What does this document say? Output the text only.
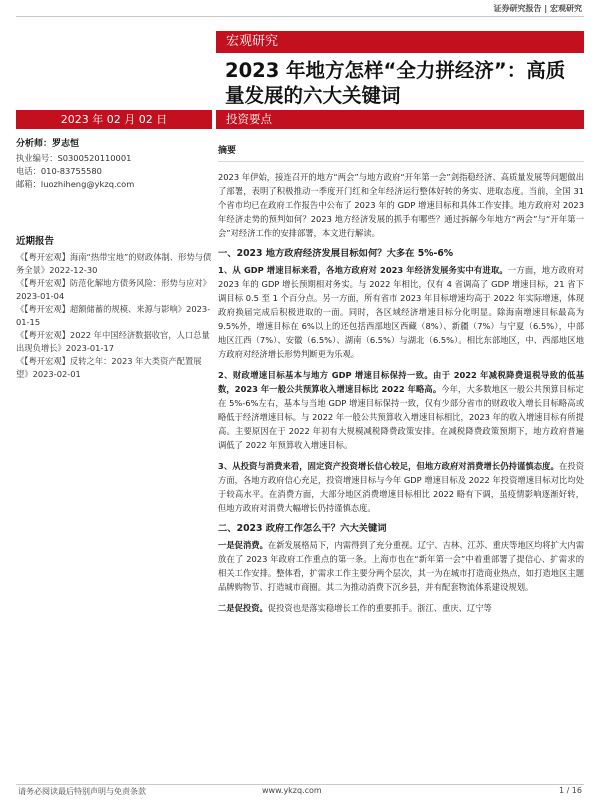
证券研究报告 | 宏观研究
宏观研究
2023 年地方怎样“全力拼经济”：高质
量发展的六大关键词
2023 年 02 月 02 日	投资要点
分析师：罗志恒
执业编号：S0300520110001
电话：010-83755580
邮箱：luozhiheng@ykzq.com
近期报告
《【粤开宏观】海南“热带宝地”的财政体制、形势与债务全景》2022-12-30
《【粤开宏观】防范化解地方债务风险：形势与应对》2023-01-04
《【粤开宏观】超额储蓄的规模、来源与影响》2023-01-15
《【粤开宏观】2022 年中国经济数据收官，人口总量出现负增长》2023-01-17
《【粤开宏观】反转之年：2023 年大类资产配置展望》2023-02-01
摘要

2023 年伊始，接连召开的地方“两会”与地方政府“开年第一会”剑指稳经济、高质量发展等问题做出了部署，表明了积极推动一季度开门红和全年经济运行整体好转的务实、进取态度。当前，全国 31 个省市均已在政府工作报告中公布了 2023 年的 GDP 增速目标和具体工作安排。地方政府对 2023 年经济走势的预判如何？2023 地方经济发展的抓手有哪些？通过拆解今年地方“两会”与“开年第一会”对经济工作的安排部署，本文进行解读。

一、2023 地方政府经济发展目标如何？大多在 5%-6%

1、从 GDP 增速目标来看，各地方政府对 2023 年经济发展务实中有进取。一方面，地方政府对 2023 年的 GDP 增长预期相对务实。与 2022 年相比，仅有 4 省调高了 GDP 增速目标，21 省下调目标 0.5 至 1 个百分点。另一方面，所有省市 2023 年目标增速均高于 2022 年实际增速，体现政府换届完成后积极进取的一面。同时，各区域经济增速目标分化明显。除海南增速目标最高为 9.5%外，增速目标在 6%以上的还包括西部地区西藏（8%）、新疆（7%）与宁夏（6.5%），中部地区江西（7%）、安徽（6.5%）、湖南（6.5%）与湖北（6.5%）。相比东部地区，中、西部地区地方政府对经济增长形势判断更为乐观。

2、财政增速目标基本与地方 GDP 增速目标保持一致。由于 2022 年减税降费退税导致的低基数，2023 年一般公共预算收入增速目标比 2022 年略高。今年，大多数地区一般公共预算目标定在 5%-6%左右，基本与当地 GDP 增速目标保持一致，仅有少部分省市的财政收入增长目标略高或略低于经济增速目标。与 2022 年一般公共预算收入增速目标相比，2023 年的收入增速目标有所提高。主要原因在于 2022 年初有大规模减税降费政策安排。在减税降费政策预期下，地方政府普遍调低了 2022 年预算收入增速目标。

3、从投资与消费来看，固定资产投资增长信心较足，但地方政府对消费增长仍持谨慎态度。在投资方面，各地方政府信心充足，投资增速目标与今年 GDP 增速目标及 2022 年投资增速目标对比均处于较高水平。在消费方面，大部分地区消费增速目标相比 2022 略有下调，虽疫情影响逐渐好转，但地方政府对消费大幅增长仍持谨慎态度。

二、2023 政府工作怎么干？六大关键词

一是促消费。在新发展格局下，内需得到了充分重视。辽宁、吉林、江苏、重庆等地区均将扩大内需放在了 2023 年政府工作重点的第一条。上海市也在“新年第一会”中着重部署了提信心、扩需求的相关工作安排。整体看，扩需求工作主要分两个层次，其一为在城市打造商业热点，如打造地区主题品牌购物节、打造城市商圈。其二为推动消费下沉乡县，并有配套物流体系建设规划。

二是促投资。促投资也是落实稳增长工作的重要抓手。浙江、重庆、辽宁等

请务必阅读最后特别声明与免责条款	www.ykzq.com	1 / 16
